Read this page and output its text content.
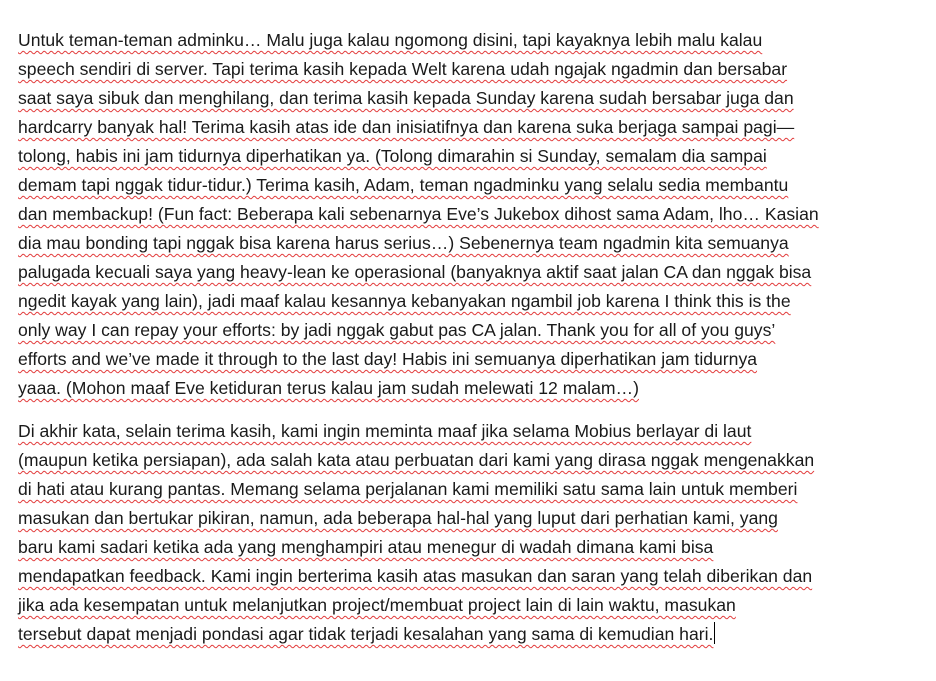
Untuk teman-teman adminku… Malu juga kalau ngomong disini, tapi kayaknya lebih malu kalau
speech sendiri di server. Tapi terima kasih kepada Welt karena udah ngajak ngadmin dan bersabar
saat saya sibuk dan menghilang, dan terima kasih kepada Sunday karena sudah bersabar juga dan
hardcarry banyak hal! Terima kasih atas ide dan inisiatifnya dan karena suka berjaga sampai pagi—
tolong, habis ini jam tidurnya diperhatikan ya. (Tolong dimarahin si Sunday, semalam dia sampai
demam tapi nggak tidur-tidur.) Terima kasih, Adam, teman ngadminku yang selalu sedia membantu
dan membackup! (Fun fact: Beberapa kali sebenarnya Eve’s Jukebox dihost sama Adam, lho… Kasian
dia mau bonding tapi nggak bisa karena harus serius…) Sebenernya team ngadmin kita semuanya
palugada kecuali saya yang heavy-lean ke operasional (banyaknya aktif saat jalan CA dan nggak bisa
ngedit kayak yang lain), jadi maaf kalau kesannya kebanyakan ngambil job karena I think this is the
only way I can repay your efforts: by jadi nggak gabut pas CA jalan. Thank you for all of you guys’
efforts and we’ve made it through to the last day! Habis ini semuanya diperhatikan jam tidurnya
yaaa. (Mohon maaf Eve ketiduran terus kalau jam sudah melewati 12 malam…)
Di akhir kata, selain terima kasih, kami ingin meminta maaf jika selama Mobius berlayar di laut
(maupun ketika persiapan), ada salah kata atau perbuatan dari kami yang dirasa nggak mengenakkan
di hati atau kurang pantas. Memang selama perjalanan kami memiliki satu sama lain untuk memberi
masukan dan bertukar pikiran, namun, ada beberapa hal-hal yang luput dari perhatian kami, yang
baru kami sadari ketika ada yang menghampiri atau menegur di wadah dimana kami bisa
mendapatkan feedback. Kami ingin berterima kasih atas masukan dan saran yang telah diberikan dan
jika ada kesempatan untuk melanjutkan project/membuat project lain di lain waktu, masukan
tersebut dapat menjadi pondasi agar tidak terjadi kesalahan yang sama di kemudian hari.
